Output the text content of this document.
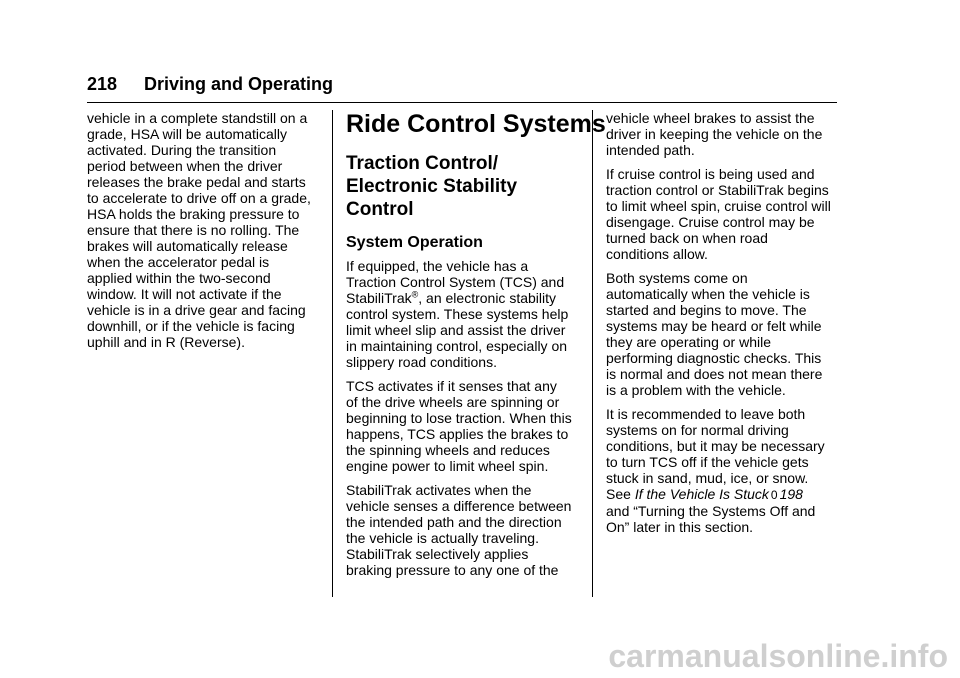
218 Driving and Operating

vehicle in a complete standstill on a
grade, HSA will be automatically
activated. During the transition
period between when the driver
releases the brake pedal and starts
to accelerate to drive off on a grade,
HSA holds the braking pressure to
ensure that there is no rolling. The
brakes will automatically release
when the accelerator pedal is
applied within the two-second
window. It will not activate if the
vehicle is in a drive gear and facing
downhill, or if the vehicle is facing
uphill and in R (Reverse).

Ride Control Systems
Traction Control/
Electronic Stability
Control
System Operation

If equipped, the vehicle has a
Traction Control System (TCS) and
StabiliTrak®, an electronic stability
control system. These systems help
limit wheel slip and assist the driver
in maintaining control, especially on
slippery road conditions.

TCS activates if it senses that any
of the drive wheels are spinning or
beginning to lose traction. When this
happens, TCS applies the brakes to
the spinning wheels and reduces
engine power to limit wheel spin.

StabiliTrak activates when the
vehicle senses a difference between
the intended path and the direction
the vehicle is actually traveling.
StabiliTrak selectively applies
braking pressure to any one of the

vehicle wheel brakes to assist the
driver in keeping the vehicle on the
intended path.

If cruise control is being used and
traction control or StabiliTrak begins
to limit wheel spin, cruise control will
disengage. Cruise control may be
turned back on when road
conditions allow.

Both systems come on
automatically when the vehicle is
started and begins to move. The
systems may be heard or felt while
they are operating or while
performing diagnostic checks. This
is normal and does not mean there
is a problem with the vehicle.

It is recommended to leave both
systems on for normal driving
conditions, but it may be necessary
to turn TCS off if the vehicle gets
stuck in sand, mud, ice, or snow.
See If the Vehicle Is Stuck 0 198
and “Turning the Systems Off and
On” later in this section.

carmanualsonline.info
